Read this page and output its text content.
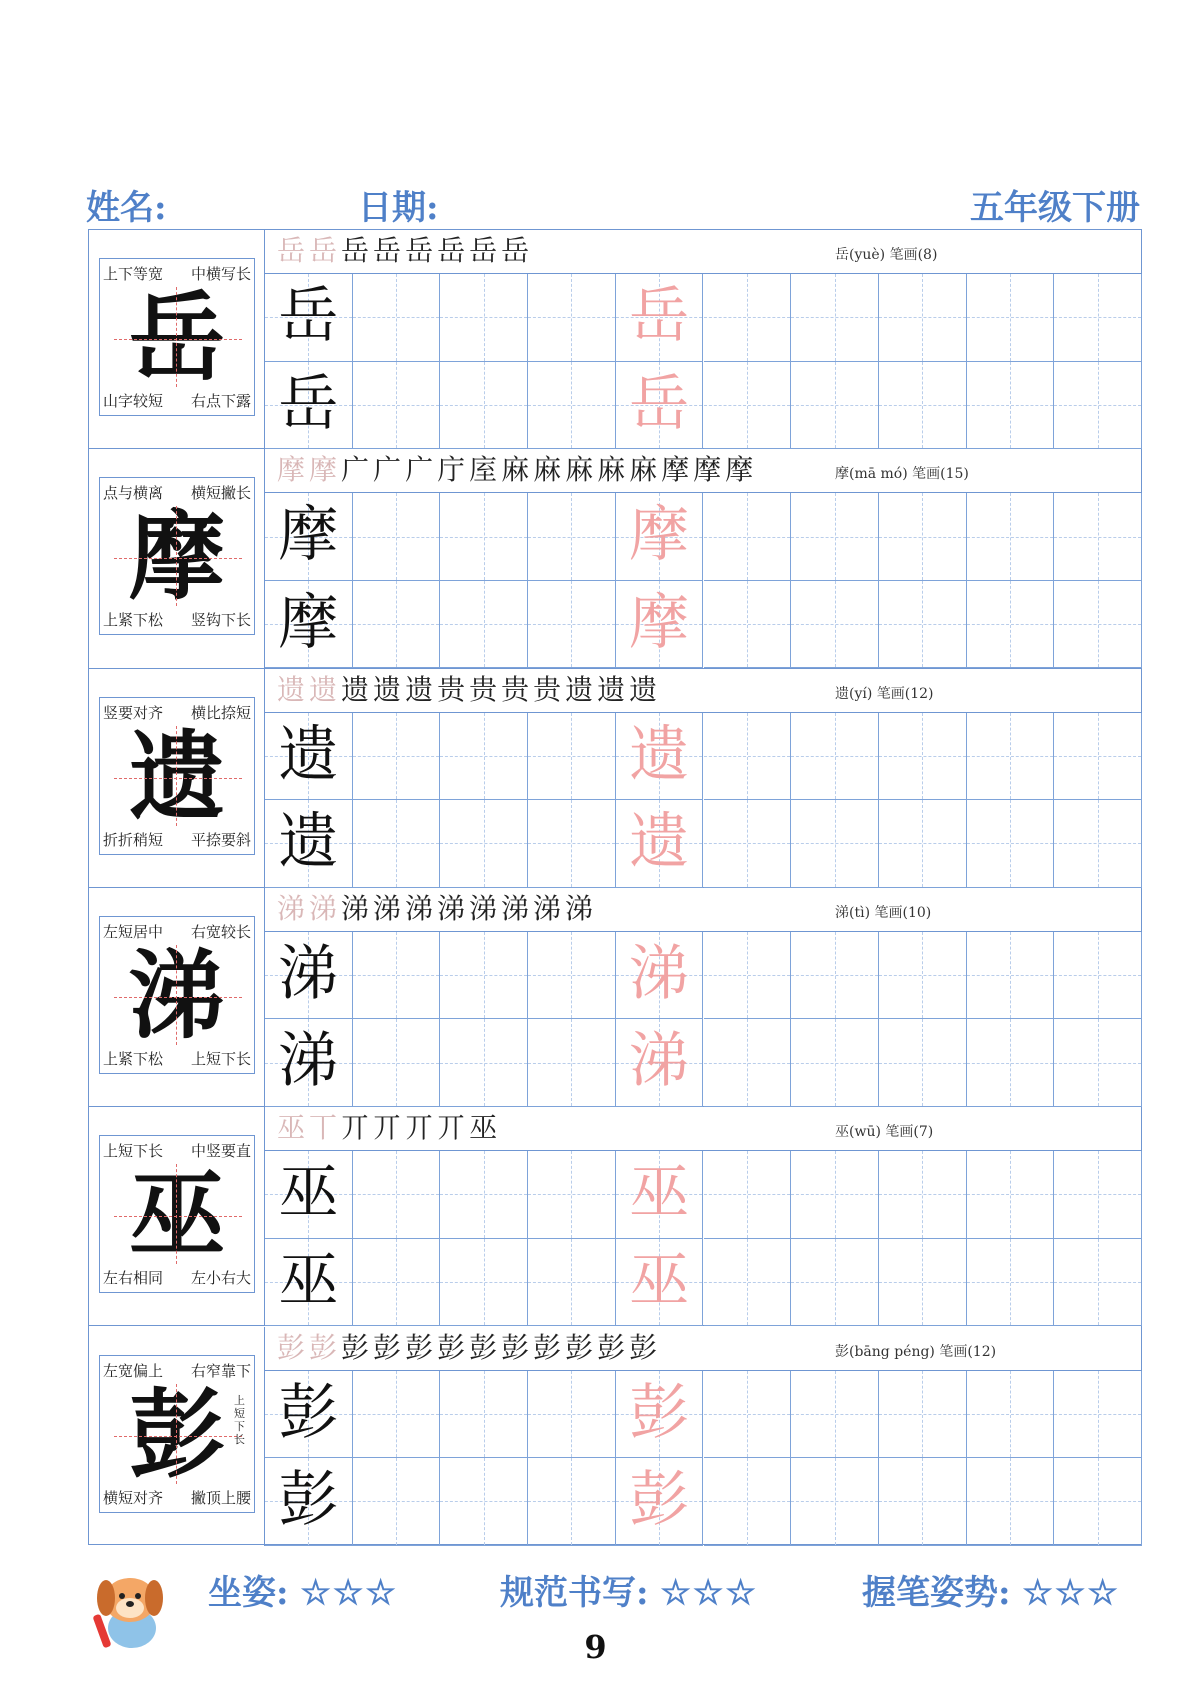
姓名:	日期:	五年级下册
上下等宽 中横写长
山字较短 右点下露
岳
岳 岳 岳 岳 岳 岳 岳 岳	岳(yuè) 笔画(8)
岳	岳
岳	岳
点与横离 横短撇长
上紧下松 竖钩下长
摩
摩 摩 广 广 广 庁 庢 麻 麻 麻 麻 麻 摩 摩 摩	摩(mā mó) 笔画(15)
摩	摩
摩	摩
竖要对齐 横比捺短
折折稍短 平捺要斜
遗
遗 遗 遗 遗 遗 贵 贵 贵 贵 遗 遗 遗	遗(yí) 笔画(12)
遗	遗
遗	遗
左短居中 右宽较长
上紧下松 上短下长
涕
涕 涕 涕 涕 涕 涕 涕 涕 涕 涕	涕(tì) 笔画(10)
涕	涕
涕	涕
上短下长 中竖要直
左右相同 左小右大
巫
巫 丅 丌 丌 丌 丌 巫	巫(wū) 笔画(7)
巫	巫
巫	巫
左宽偏上 右窄靠下
横短对齐 撇顶上腰
彭 上短下长
彭 彭 彭 彭 彭 彭 彭 彭 彭 彭 彭 彭	彭(bāng péng) 笔画(12)
彭	彭
彭	彭
坐姿: ☆☆☆	规范书写: ☆☆☆	握笔姿势: ☆☆☆
9
